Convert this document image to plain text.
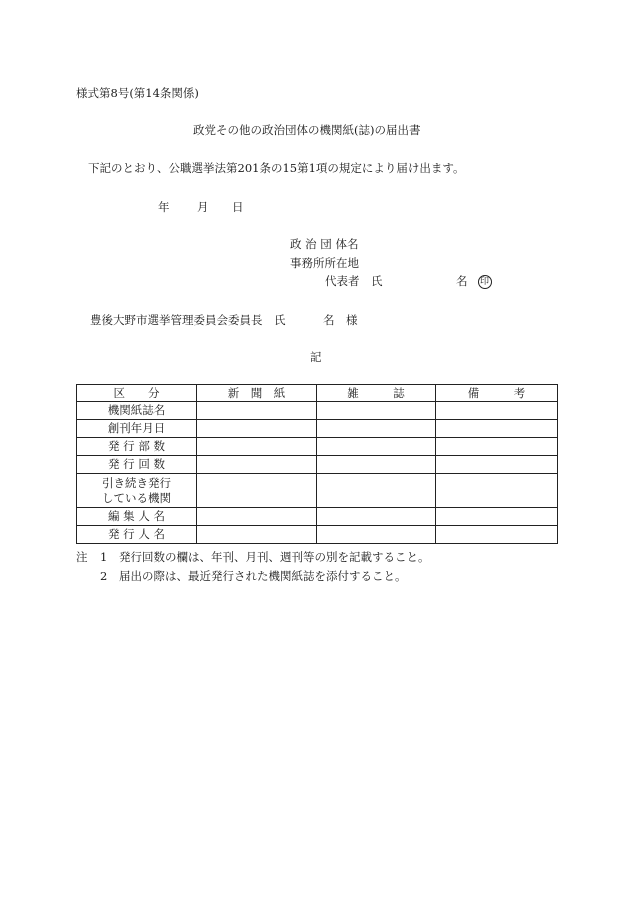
様式第8号(第14条関係)
政党その他の政治団体の機関紙(誌)の届出書
下記のとおり、公職選挙法第201条の15第1項の規定により届け出ます。
年 月 日
政 治 団 体名
事務所所在地
代表者　氏	名 印
豊後大野市選挙管理委員会委員長　氏	名　様
記
区　　分	新　聞　紙	雑　　　誌	備　　　考
機関紙誌名			
創刊年月日			
発 行 部 数			
発 行 回 数			

引き続き発行
している機関			

編 集 人 名			
発 行 人 名			
注 1 発行回数の欄は、年刊、月刊、週刊等の別を記載すること。
2 届出の際は、最近発行された機関紙誌を添付すること。
